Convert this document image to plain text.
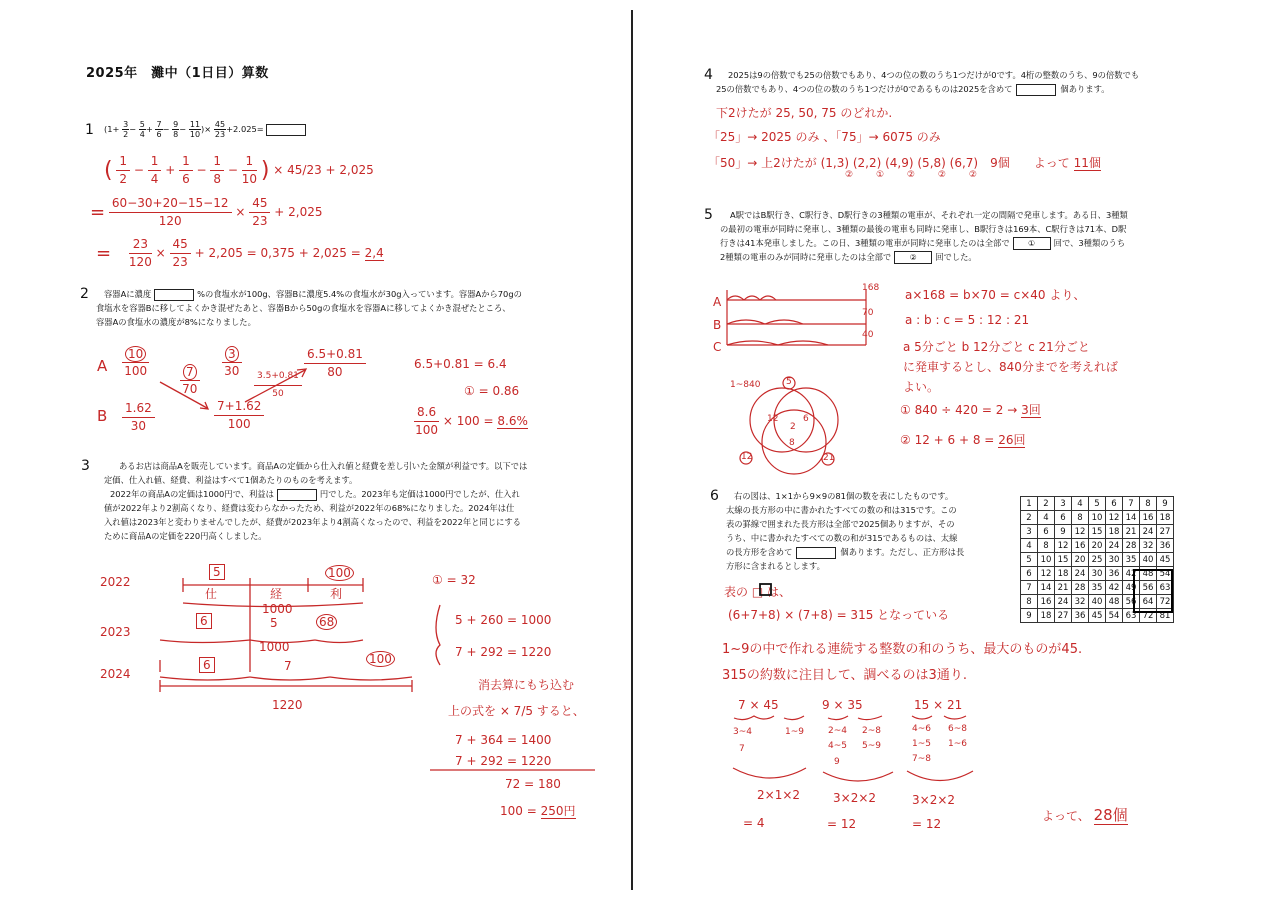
2025年　灘中（1日目）算数
1 ($1+ \frac{3}{2} - \frac{5}{4} + \frac{7}{6} - \frac{9}{8} - \frac{11}{10}$ )× $\frac{45}{23} +2.025=$
( $\frac{1}{2} - \frac{1}{4} + \frac{1}{6} - \frac{1}{8} - \frac{1}{10}$ ) × 45/23 + 2,025
= $\frac{60-30+20-15-12}{120} \times \frac{45}{23} + 2,025$
= $\frac{23}{120} \times \frac{45}{23} + 2,205 = 0,375 + 2,025 = 2,4$
2 容器Aに濃度	%の食塩水が100g、容器Bに濃度5.4%の食塩水が30g入っています。容器Aから70gの
食塩水を容器Bに移してよくかき混ぜたあと、容器Bから50gの食塩水を容器Aに移してよくかき混ぜたところ、
容器Aの食塩水の濃度が8%になりました。
A
B
$\frac{10}{100}$
$\frac{1.62}{30}$
$\frac{7}{70}$
$\frac{3}{30}$
$\frac{3.5+0.81}{50}$
$\frac{7+1.62}{100}$
$\frac{6.5+0.81}{80}$	6.5+0.81 = 6.4
① = 0.86
$\frac{8.6}{100} \times 100 = 8.6\%$
3	あるお店は商品Aを販売しています。商品Aの定価から仕入れ値と経費を差し引いた金額が利益です。以下では
定価、仕入れ値、経費、利益はすべて1個あたりのものを考えます。
2022年の商品Aの定価は1000円で、利益は	円でした。2023年も定価は1000円でしたが、仕入れ
値が2022年より2割高くなり、経費は変わらなかったため、利益が2022年の68%になりました。2024年は仕
入れ値は2023年と変わりませんでしたが、経費が2023年より4割高くなったので、利益を2022年と同じにする
ために商品Aの定価を220円高くしました。
2022
2023
2024
5
仕	経	利
100
1000
6	5	68
1000
6	7	100
1220
① = 32
5 + 260 = 1000
7 + 292 = 1220
消去算にもち込む
上の式を × 7/5 すると、
7 + 364 = 1400
7 + 292 = 1220
72 = 180
100 = 250円
4 2025は9の倍数でも25の倍数でもあり、4つの位の数のうち1つだけが0です。4桁の整数のうち、9の倍数でも
25の倍数でもあり、4つの位の数のうち1つだけが0であるものは2025を含めて	個あります。
下2けたが 25, 50, 75 のどれか.
「25」→ 2025 のみ 、「75」→ 6075 のみ
「50」→ 上2けたが (1,3) (2,2) (4,9) (5,8) (6,7)　9個　　 よって 11個
②	①	②	②	②
5	A駅ではB駅行き、C駅行き、D駅行きの3種類の電車が、それぞれ一定の間隔で発車します。ある日、3種類
の最初の電車が同時に発車し、3種類の最後の電車も同時に発車し、B駅行きは169本、C駅行きは71本、D駅
行きは41本発車しました。この日、3種類の電車が同時に発車したのは全部で ① 回で、3種類のうち
2種類の電車のみが同時に発車したのは全部で ② 回でした。
A
B
C
168
70
40
1~840	5
12	6
2
8
12	21
a×168 = b×70 = c×40 より、
a : b : c = 5 : 12 : 21
a 5分ごと b 12分ごと c 21分ごと
に発車するとし、840分までを考えれば
よい。
① 840 ÷ 420 = 2 → 3回
② 12 + 6 + 8 = 26回
6	右の図は、1×1から9×9の81個の数を表にしたものです。
太線の長方形の中に書かれたすべての数の和は315です。この
表の罫線で囲まれた長方形は全部で2025個ありますが、その
うち、中に書かれたすべての数の和が315であるものは、太線
の長方形を含めて	個あります。ただし、正方形は長
方形に含まれるとします。
1	2	3	4	5	6	7	8	9
2	4	6	8	10	12	14	16	18
3	6	9	12	15	18	21	24	27
4	8	12	16	20	24	28	32	36
5	10	15	20	25	30	35	40	45
6	12	18	24	30	36	42	48	54
7	14	21	28	35	42	49	56	63
8	16	24	32	40	48	56	64	72
9	18	27	36	45	54	63	72	81
表の □ は、
(6+7+8) × (7+8) = 315 となっている
1~9の中で作れる連続する整数の和のうち、最大のものが45.
315の約数に注目して、調べるのは3通り.
7 × 45	9 × 35	15 × 21
3~4
7
1~9	2~4
4~5
9
2~8
5~9
4~6
1~5
7~8
6~8
1~6
2×1×2	3×2×2	3×2×2
= 4	= 12	= 12
よって、 28個
